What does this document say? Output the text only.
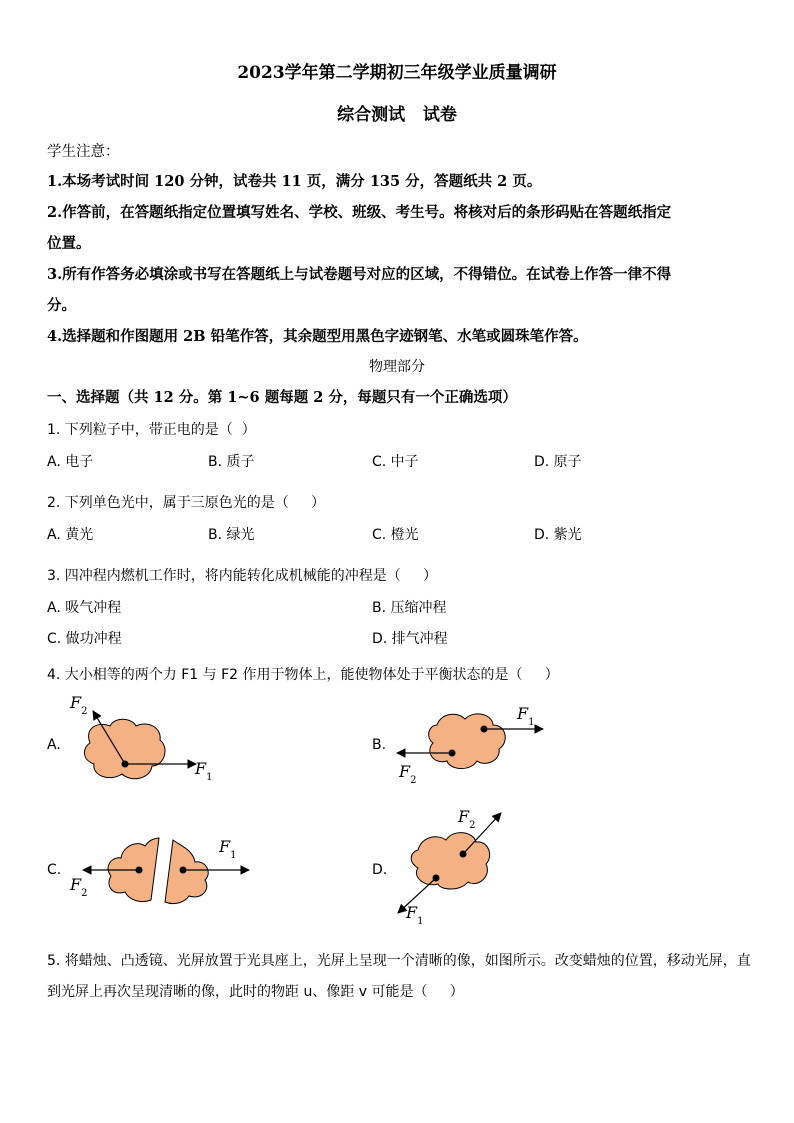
2023学年第二学期初三年级学业质量调研
综合测试   试卷
学生注意：
1.本场考试时间 120 分钟，试卷共 11 页，满分 135 分，答题纸共 2 页。
2.作答前，在答题纸指定位置填写姓名、学校、班级、考生号。将核对后的条形码贴在答题纸指定
位置。
3.所有作答务必填涂或书写在答题纸上与试卷题号对应的区域，不得错位。在试卷上作答一律不得
分。
4.选择题和作图题用 2B 铅笔作答，其余题型用黑色字迹钢笔、水笔或圆珠笔作答。
物理部分
一、选择题（共 12 分。第 1~6 题每题 2 分，每题只有一个正确选项）
1. 下列粒子中，带正电的是（  ）
A. 电子	B. 质子	C. 中子	D. 原子
2. 下列单色光中，属于三原色光的是（     ）
A. 黄光	B. 绿光	C. 橙光	D. 紫光
3. 四冲程内燃机工作时，将内能转化成机械能的冲程是（     ）
A. 吸气冲程	B. 压缩冲程
C. 做功冲程	D. 排气冲程
4. 大小相等的两个力 F1 与 F2 作用于物体上，能使物体处于平衡状态的是（     ）
A.	B.
C.	D.
$F_2$
$F_1$
$F_1$
$F_2$
$F_1$
$F_2$
$F_2$
$F_1$
5. 将蜡烛、凸透镜、光屏放置于光具座上，光屏上呈现一个清晰的像，如图所示。改变蜡烛的位置，移动光屏，直
到光屏上再次呈现清晰的像，此时的物距 u、像距 v 可能是（     ）
